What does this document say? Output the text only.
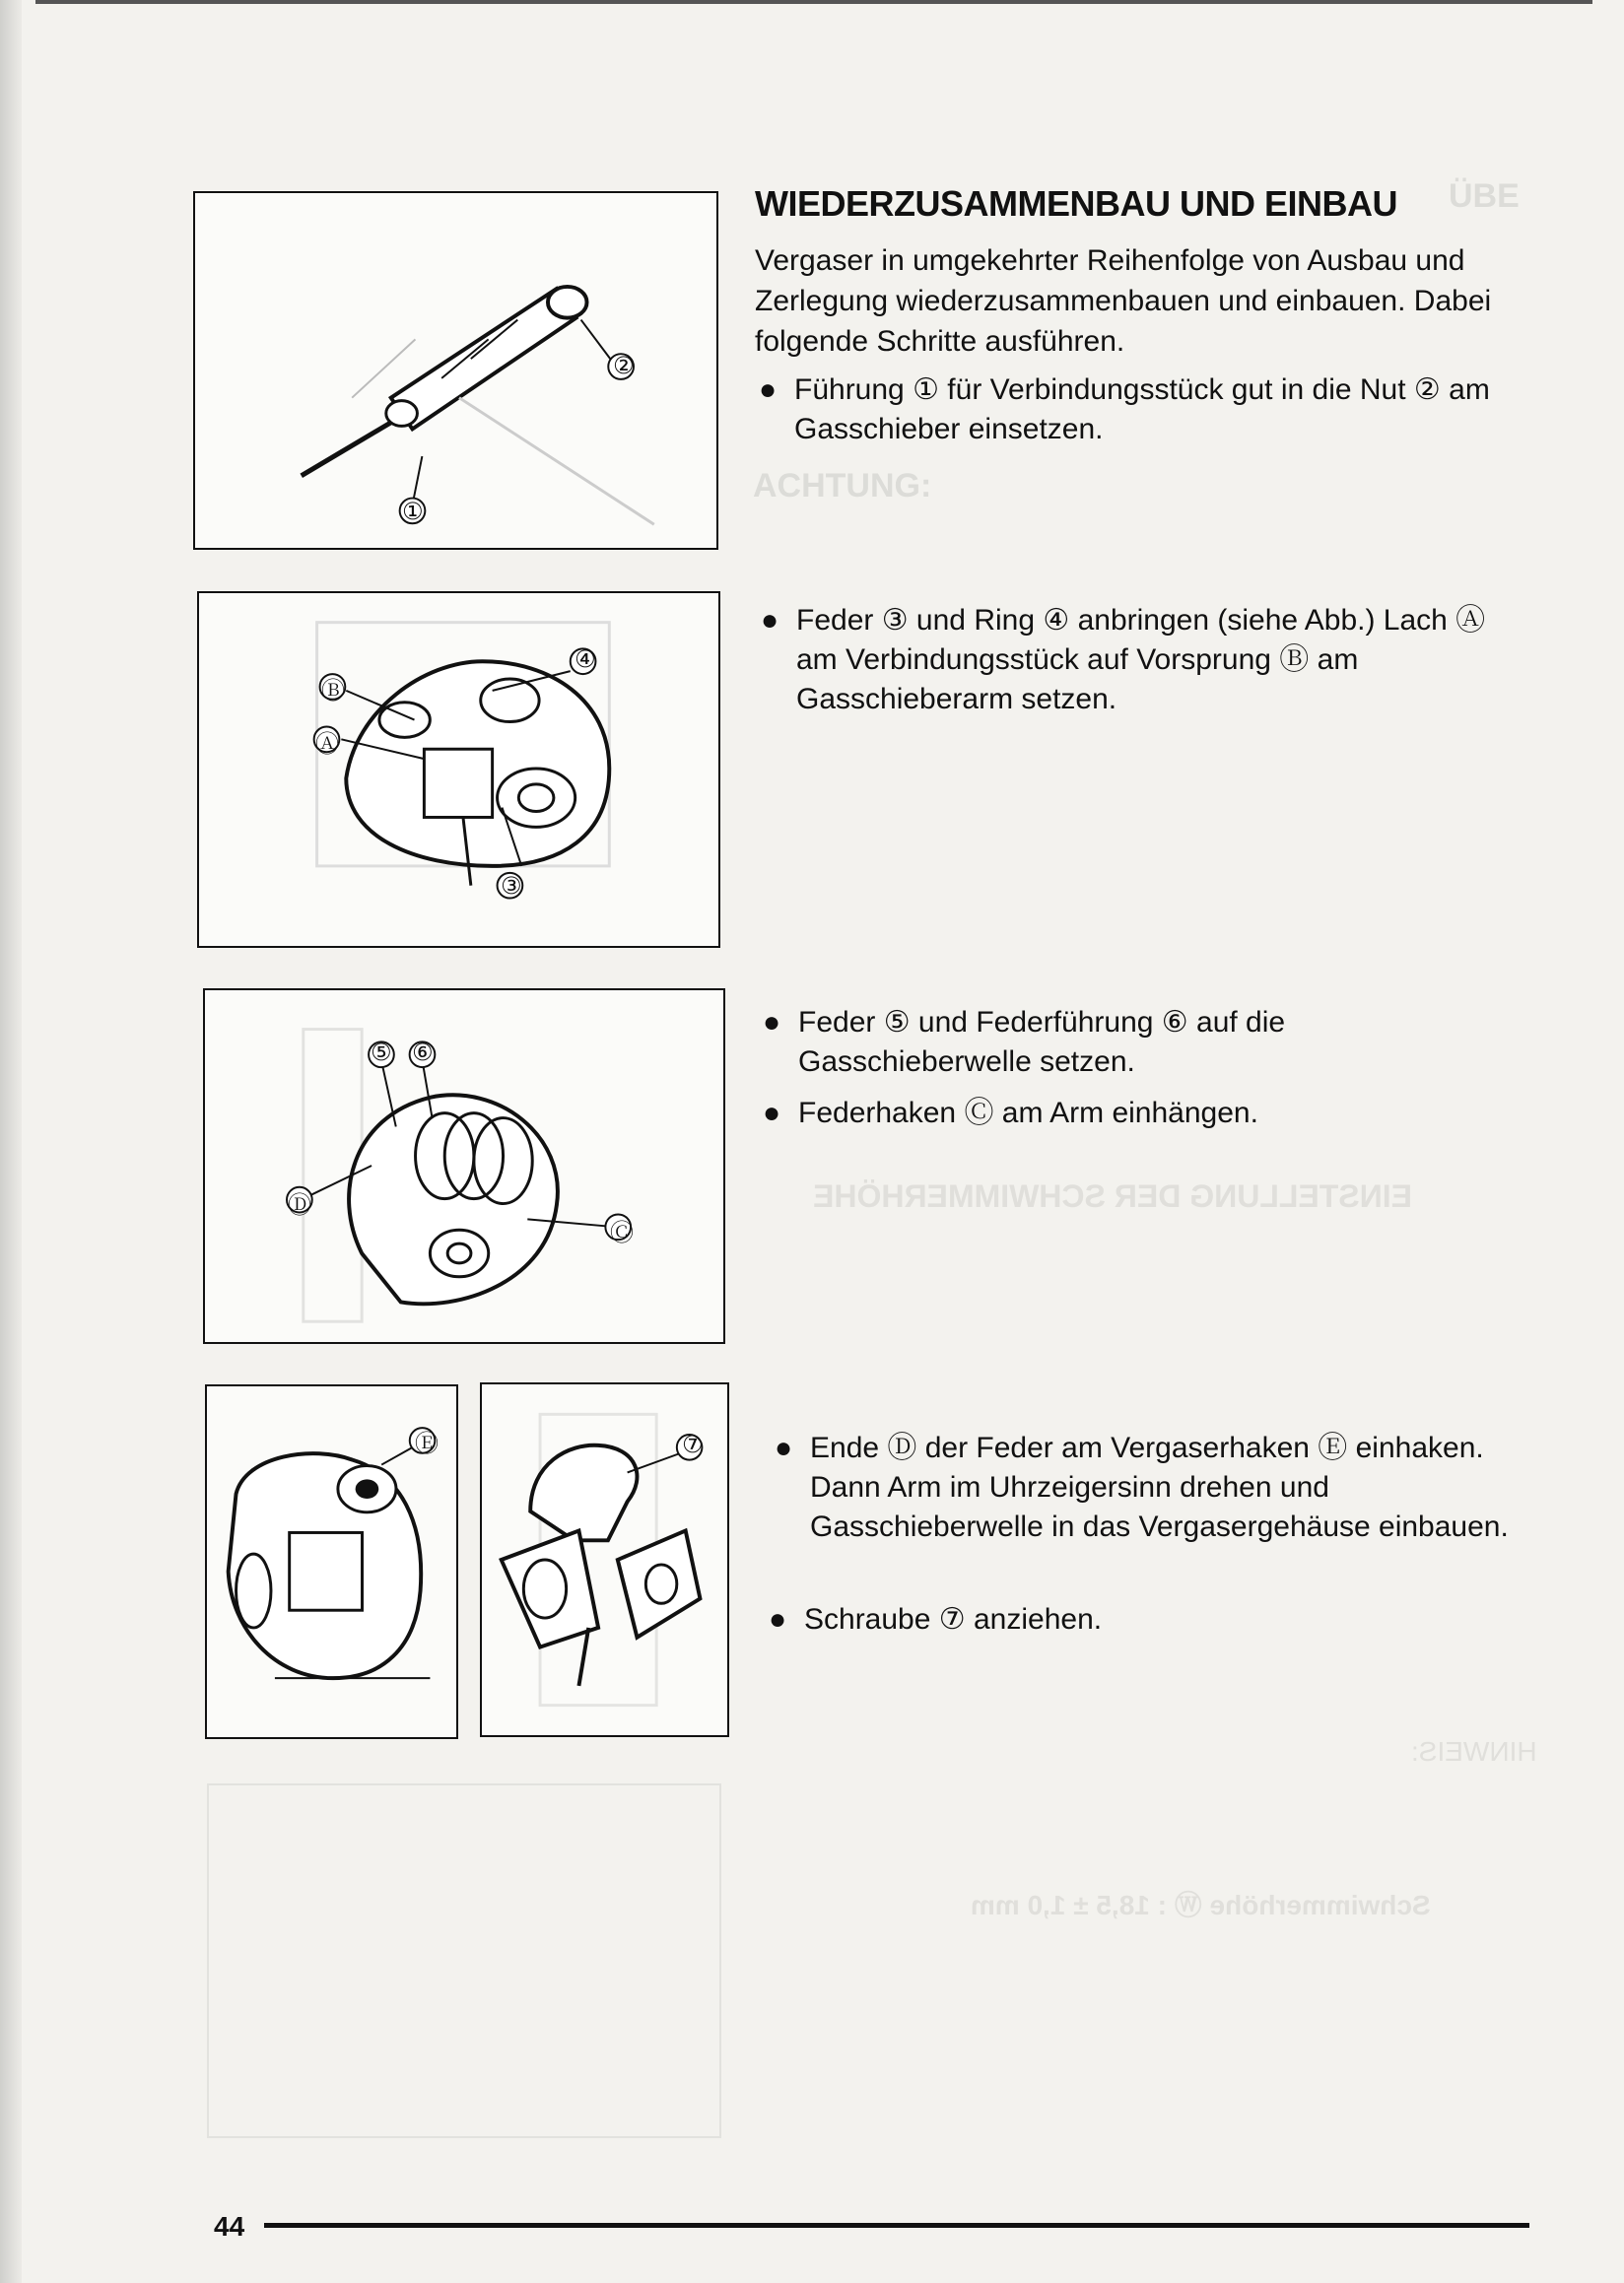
ÜBE
ACHTUNG:
EINSTELLUNG DER SCHWIMMERHÖHE
Schwimmerhöhe Ⓦ : 18,5 ± 1,0 mm
HINWEIS:
①
②
Ⓑ
Ⓐ
④
③
⑤ ⑥
Ⓓ
Ⓒ
Ⓔ	⑦
WIEDERZUSAMMENBAU UND EINBAU
Vergaser in umgekehrter Reihenfolge von Ausbau und Zerlegung wiederzusammenbauen und einbauen. Dabei folgende Schritte ausführen.
● Führung ① für Verbindungsstück gut in die Nut ② am Gasschieber einsetzen.
● Feder ③ und Ring ④ anbringen (siehe Abb.) Lach Ⓐ am Verbindungsstück auf Vorsprung Ⓑ am Gasschieberarm setzen.
● Feder ⑤ und Federführung ⑥ auf die Gasschieberwelle setzen.
● Federhaken Ⓒ am Arm einhängen.
● Ende Ⓓ der Feder am Vergaserhaken Ⓔ einhaken. Dann Arm im Uhrzeigersinn drehen und Gasschieberwelle in das Vergasergehäuse einbauen.
● Schraube ⑦ anziehen.
44
